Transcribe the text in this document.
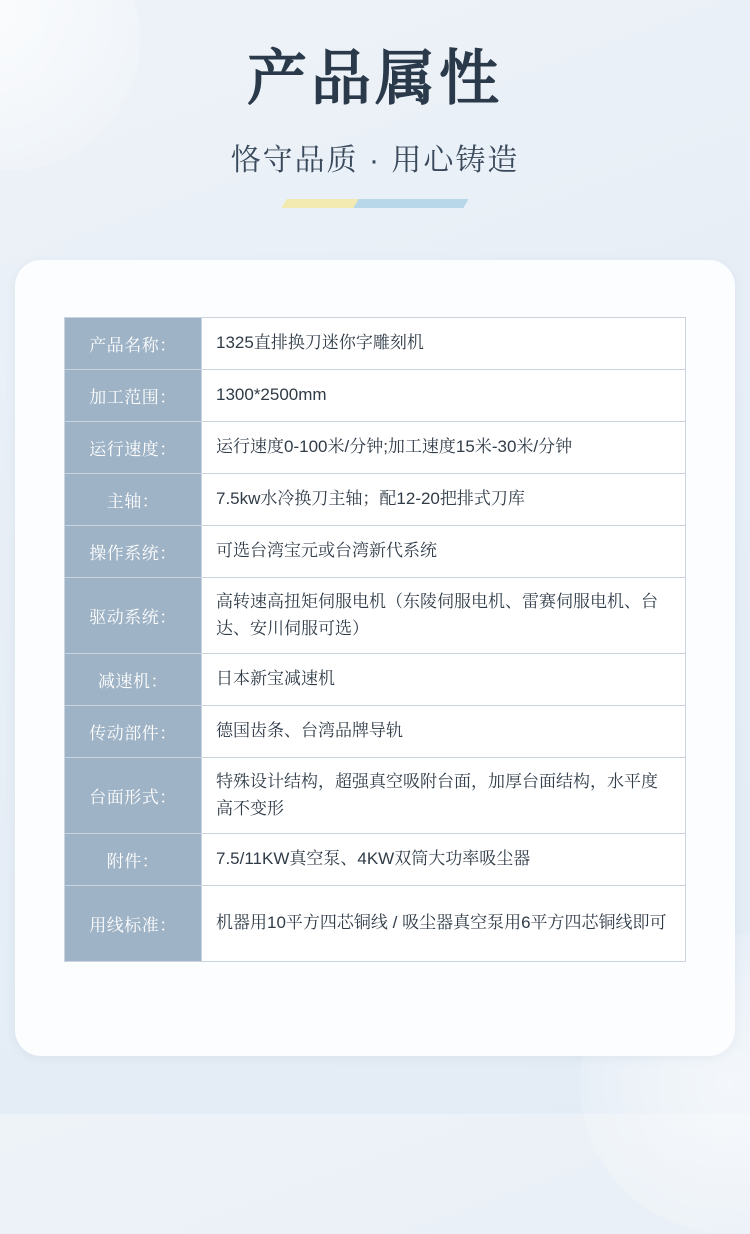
产品属性
恪守品质 · 用心铸造
产品名称：	1325直排换刀迷你字雕刻机
加工范围：	1300*2500mm
运行速度：	运行速度0-100米/分钟;加工速度15米-30米/分钟
主轴：	7.5kw水冷换刀主轴；配12-20把排式刀库
操作系统：	可选台湾宝元或台湾新代系统
驱动系统：
高转速高扭矩伺服电机（东陵伺服电机、雷赛伺服电机、台达、安川伺服可选）
减速机：	日本新宝减速机
传动部件：	德国齿条、台湾品牌导轨
台面形式：
特殊设计结构，超强真空吸附台面，加厚台面结构，水平度高不变形
附件：	7.5/11KW真空泵、4KW双筒大功率吸尘器
用线标准：	机器用10平方四芯铜线 / 吸尘器真空泵用6平方四芯铜线即可
